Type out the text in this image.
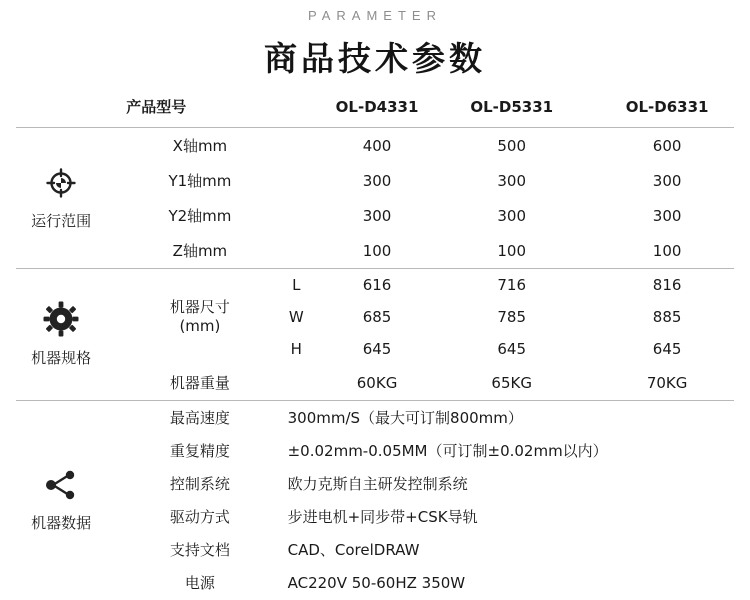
PARAMETER
商品技术参数
	产品型号		OL-D4331	OL-D5331	OL-D6331

运行范围	X轴mm		400	500	600
	Y1轴mm		300	300	300
	Y2轴mm		300	300	300
	Z轴mm		100	100	100

机器规格	机器尺寸
(mm)	L	616	716	816
		W	685	785	885
		H	645	645	645
	机器重量		60KG	65KG	70KG

机器数据	最高速度	300mm/S（最大可订制800mm）			
	重复精度	±0.02mm-0.05MM（可订制±0.02mm以内）			
	控制系统	欧力克斯自主研发控制系统			
	驱动方式	步进电机+同步带+CSK导轨			
	支持文档	CAD、CorelDRAW			
	电源	AC220V 50-60HZ 350W			
